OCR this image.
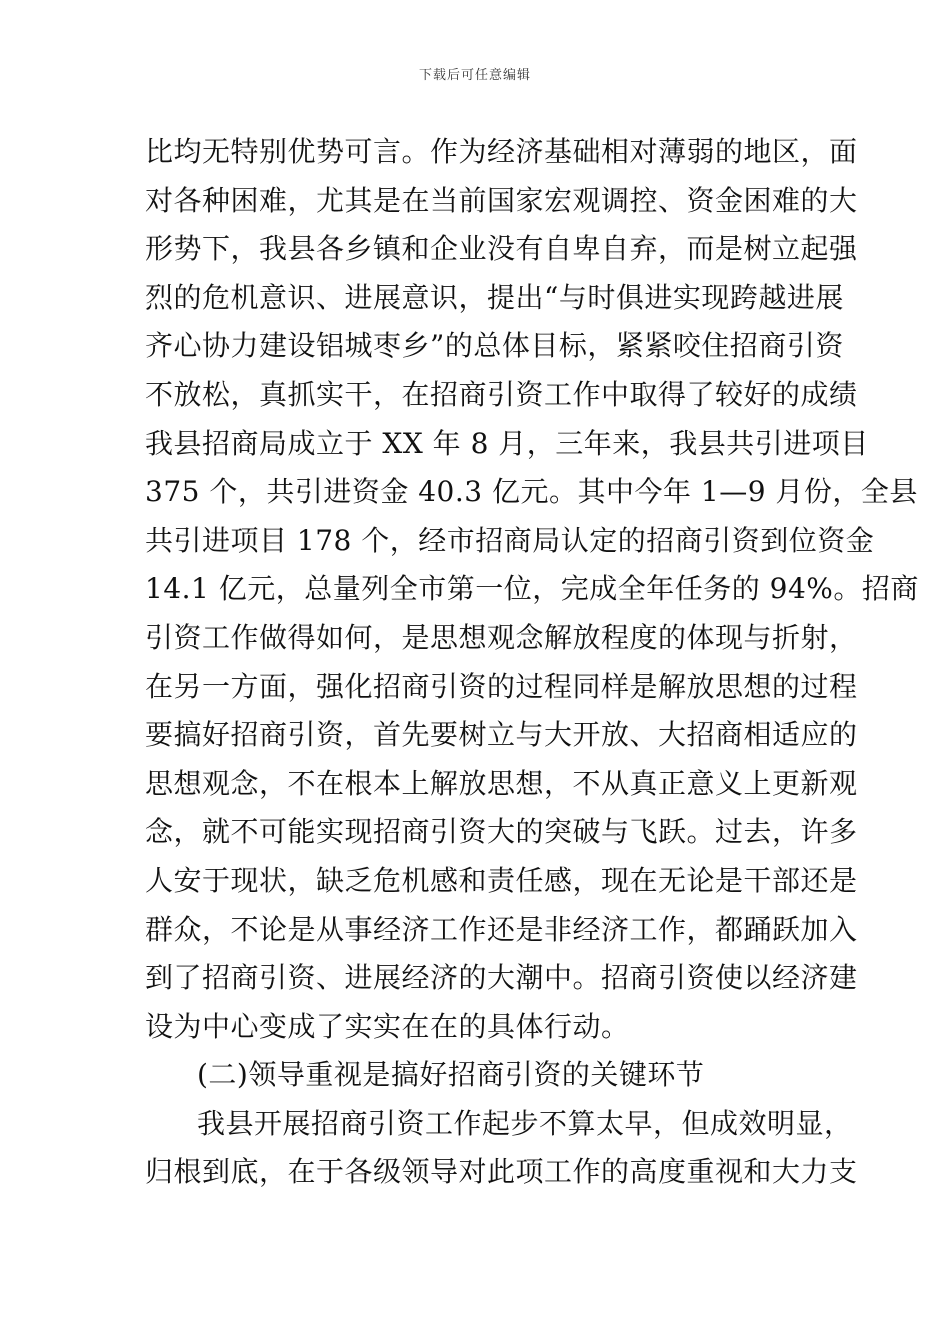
下载后可任意编辑
比均无特别优势可言。作为经济基础相对薄弱的地区，面
对各种困难，尤其是在当前国家宏观调控、资金困难的大
形势下，我县各乡镇和企业没有自卑自弃，而是树立起强
烈的危机意识、进展意识，提出“与时俱进实现跨越进展
齐心协力建设铝城枣乡”的总体目标，紧紧咬住招商引资
不放松，真抓实干，在招商引资工作中取得了较好的成绩
我县招商局成立于 XX 年 8 月，三年来，我县共引进项目
375 个，共引进资金 40.3 亿元。其中今年 1—9 月份，全县
共引进项目 178 个，经市招商局认定的招商引资到位资金
14.1 亿元，总量列全市第一位，完成全年任务的 94%。招商
引资工作做得如何，是思想观念解放程度的体现与折射，
在另一方面，强化招商引资的过程同样是解放思想的过程
要搞好招商引资，首先要树立与大开放、大招商相适应的
思想观念，不在根本上解放思想，不从真正意义上更新观
念，就不可能实现招商引资大的突破与飞跃。过去，许多
人安于现状，缺乏危机感和责任感，现在无论是干部还是
群众，不论是从事经济工作还是非经济工作，都踊跃加入
到了招商引资、进展经济的大潮中。招商引资使以经济建
设为中心变成了实实在在的具体行动。
(二)领导重视是搞好招商引资的关键环节
我县开展招商引资工作起步不算太早，但成效明显，
归根到底，在于各级领导对此项工作的高度重视和大力支
